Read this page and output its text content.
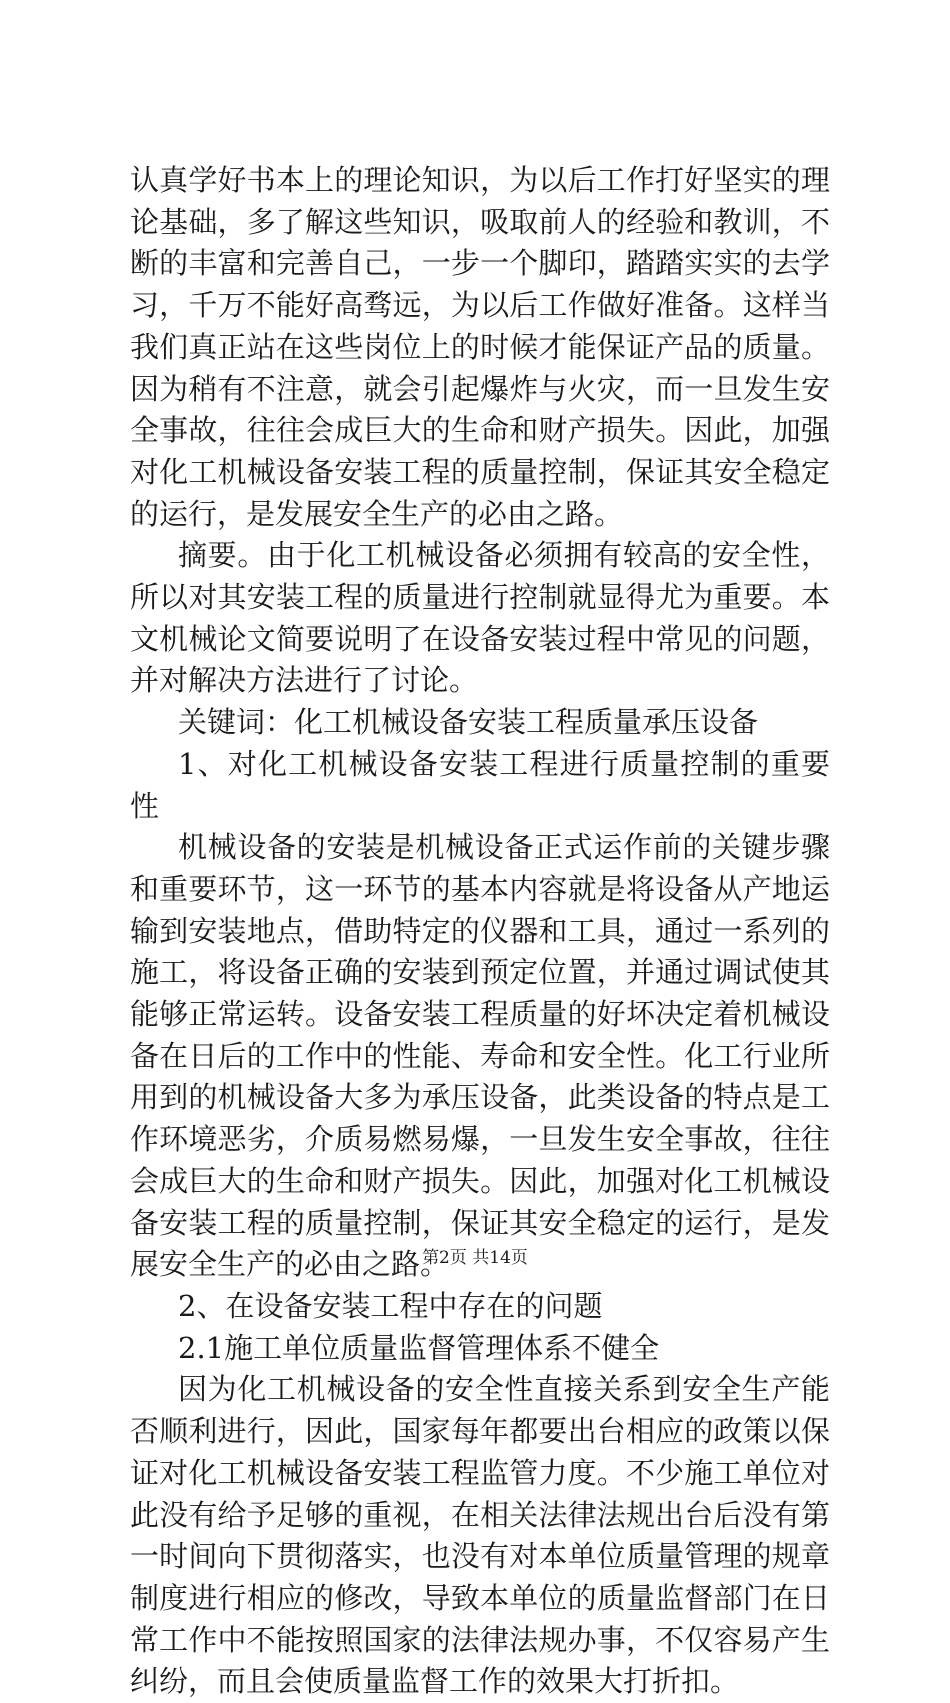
认真学好书本上的理论知识，为以后工作打好坚实的理论基础，多了解这些知识，吸取前人的经验和教训，不断的丰富和完善自己，一步一个脚印，踏踏实实的去学习，千万不能好高骛远，为以后工作做好准备。这样当我们真正站在这些岗位上的时候才能保证产品的质量。因为稍有不注意，就会引起爆炸与火灾，而一旦发生安全事故，往往会成巨大的生命和财产损失。因此，加强对化工机械设备安装工程的质量控制，保证其安全稳定的运行，是发展安全生产的必由之路。

摘要。由于化工机械设备必须拥有较高的安全性，所以对其安装工程的质量进行控制就显得尤为重要。本文机械论文简要说明了在设备安装过程中常见的问题，并对解决方法进行了讨论。

关键词：化工机械设备安装工程质量承压设备

1、对化工机械设备安装工程进行质量控制的重要性

机械设备的安装是机械设备正式运作前的关键步骤和重要环节，这一环节的基本内容就是将设备从产地运输到安装地点，借助特定的仪器和工具，通过一系列的施工，将设备正确的安装到预定位置，并通过调试使其能够正常运转。设备安装工程质量的好坏决定着机械设备在日后的工作中的性能、寿命和安全性。化工行业所用到的机械设备大多为承压设备，此类设备的特点是工作环境恶劣，介质易燃易爆，一旦发生安全事故，往往会成巨大的生命和财产损失。因此，加强对化工机械设备安装工程的质量控制，保证其安全稳定的运行，是发展安全生产的必由之路。

2、在设备安装工程中存在的问题

2.1施工单位质量监督管理体系不健全

因为化工机械设备的安全性直接关系到安全生产能否顺利进行，因此，国家每年都要出台相应的政策以保证对化工机械设备安装工程监管力度。不少施工单位对此没有给予足够的重视，在相关法律法规出台后没有第一时间向下贯彻落实，也没有对本单位质量管理的规章制度进行相应的修改，导致本单位的质量监督部门在日常工作中不能按照国家的法律法规办事，不仅容易产生纠纷，而且会使质量监督工作的效果大打折扣。

第2页 共14页
